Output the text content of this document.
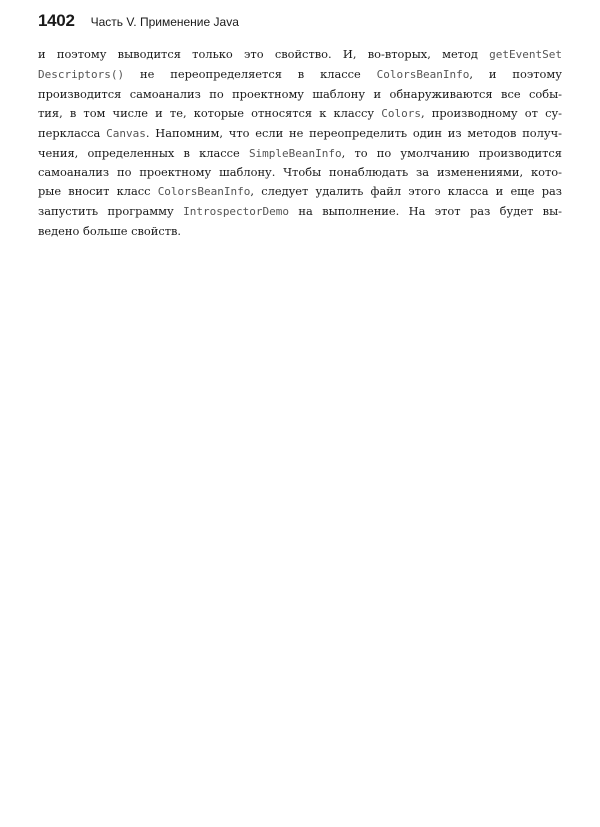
1402 Часть V. Применение Java

и поэтому выводится только это свойство. И, во-вторых, метод getEventSet
Descriptors() не переопределяется в классе ColorsBeanInfo, и поэтому
производится самоанализ по проектному шаблону и обнаруживаются все собы-
тия, в том числе и те, которые относятся к классу Colors, производному от су-
перкласса Canvas. Напомним, что если не переопределить один из методов получ-
чения, определенных в классе SimpleBeanInfo, то по умолчанию производится
самоанализ по проектному шаблону. Чтобы понаблюдать за изменениями, кото-
рые вносит класс ColorsBeanInfo, следует удалить файл этого класса и еще раз
запустить программу IntrospectorDemo на выполнение. На этот раз будет вы-
ведено больше свойств.
